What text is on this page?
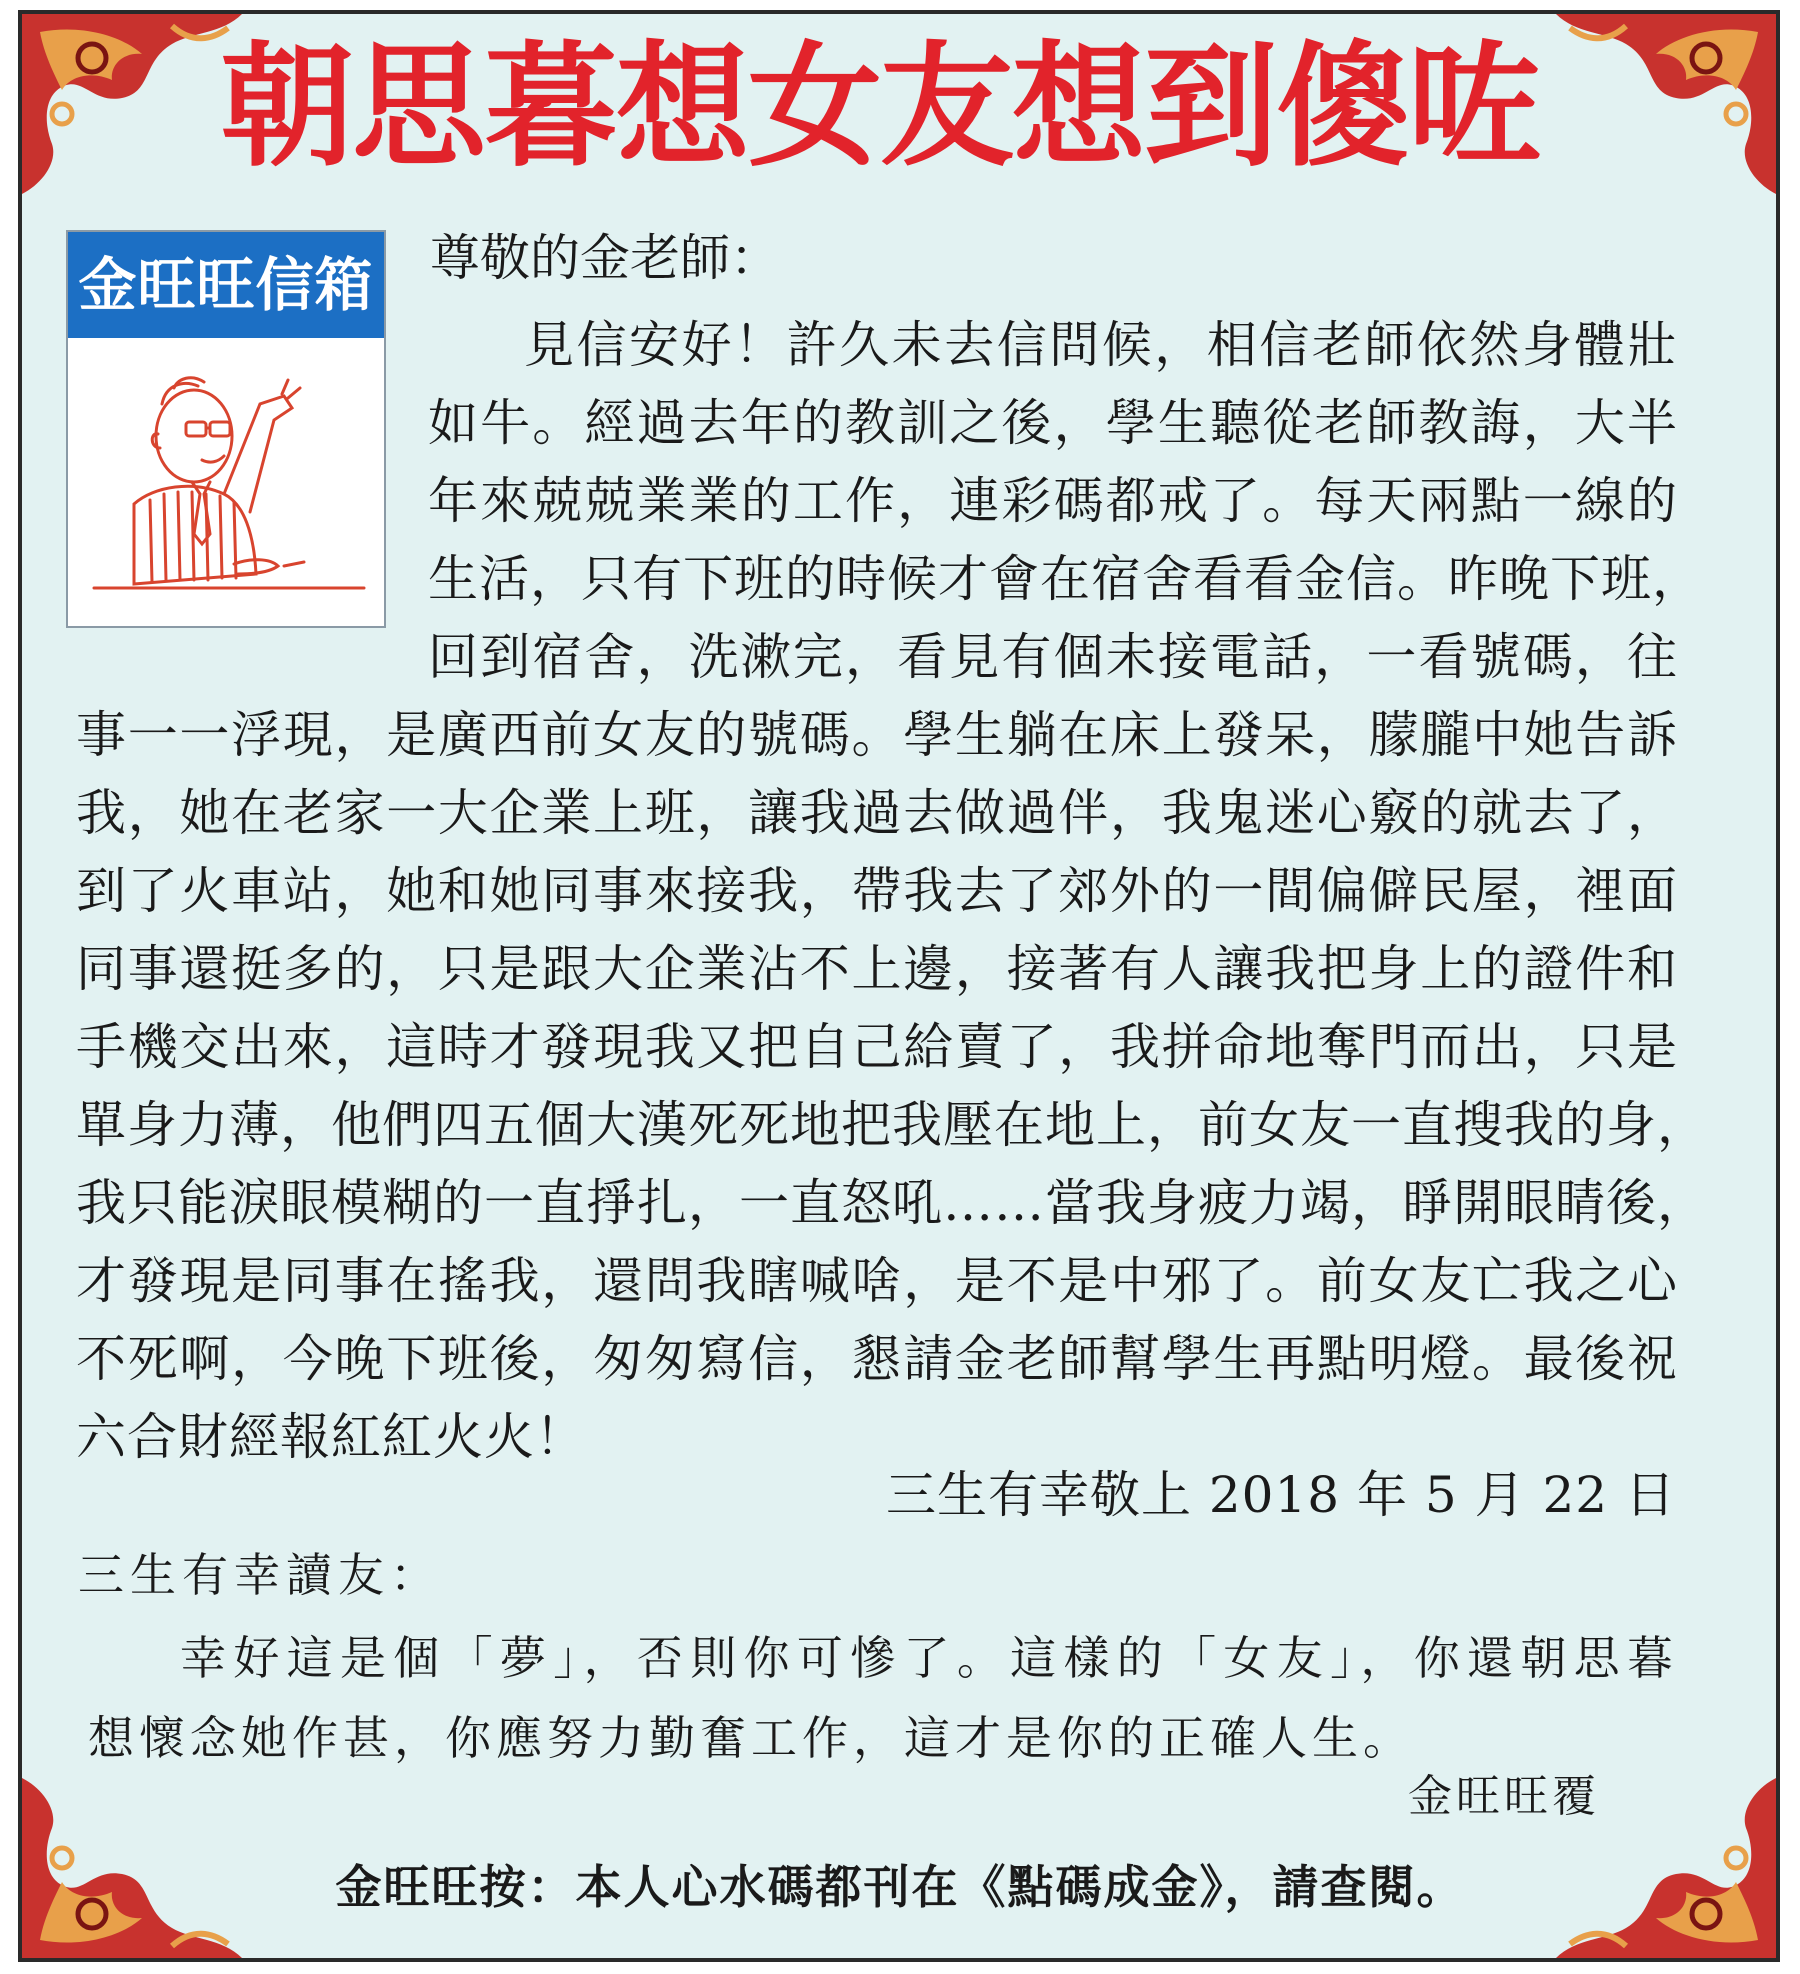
朝思暮想女友想到傻咗
金旺旺信箱 尊敬的金老師：
見信安好！許久未去信問候，相信老師依然身體壯
如牛。經過去年的教訓之後，學生聽從老師教誨，大半
年來兢兢業業的工作，連彩碼都戒了。每天兩點一線的
生活，只有下班的時候才會在宿舍看看金信。昨晚下班，
回到宿舍，洗漱完，看見有個未接電話，一看號碼，往
事一一浮現，是廣西前女友的號碼。學生躺在床上發呆，朦朧中她告訴
我，她在老家一大企業上班，讓我過去做過伴，我鬼迷心竅的就去了，
到了火車站，她和她同事來接我，帶我去了郊外的一間偏僻民屋，裡面
同事還挺多的，只是跟大企業沾不上邊，接著有人讓我把身上的證件和
手機交出來，這時才發現我又把自己給賣了，我拼命地奪門而出，只是
單身力薄，他們四五個大漢死死地把我壓在地上，前女友一直搜我的身，
我只能淚眼模糊的一直掙扎，一直怒吼……當我身疲力竭，睜開眼睛後，
才發現是同事在搖我，還問我瞎喊啥，是不是中邪了。前女友亡我之心
不死啊，今晚下班後，匆匆寫信，懇請金老師幫學生再點明燈。最後祝
六合財經報紅紅火火！
三生有幸敬上 2018 年 5 月 22 日
三生有幸讀友：
幸好這是個「夢」，否則你可慘了。這樣的「女友」，你還朝思暮
想懷念她作甚，你應努力勤奮工作，這才是你的正確人生。
金旺旺覆
金旺旺按：本人心水碼都刊在《點碼成金》，請查閱。
